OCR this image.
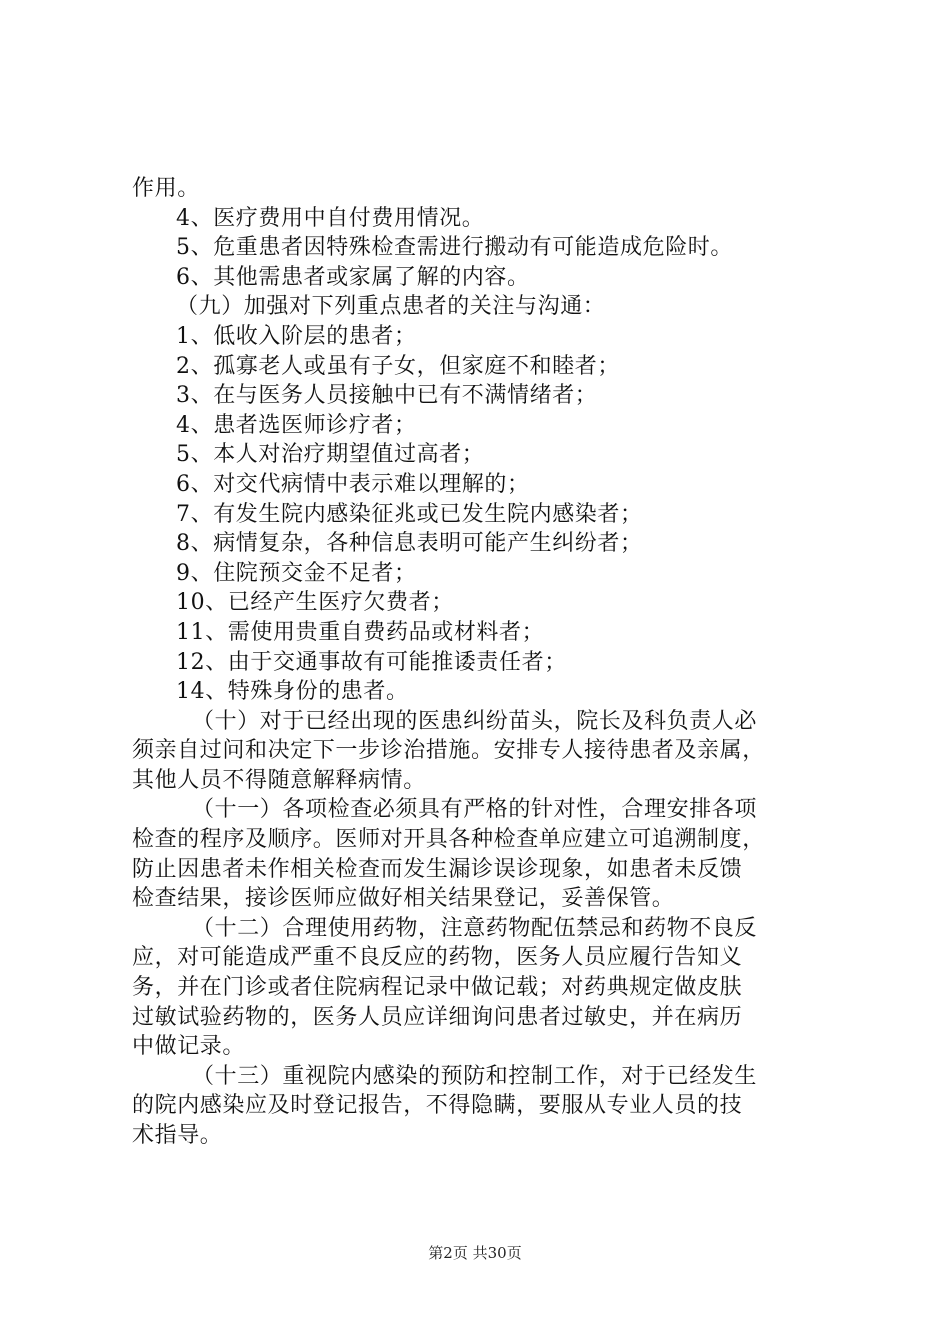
作用。
4、医疗费用中自付费用情况。
5、危重患者因特殊检查需进行搬动有可能造成危险时。
6、其他需患者或家属了解的内容。
（九）加强对下列重点患者的关注与沟通：
1、低收入阶层的患者；
2、孤寡老人或虽有子女，但家庭不和睦者；
3、在与医务人员接触中已有不满情绪者；
4、患者选医师诊疗者；
5、本人对治疗期望值过高者；
6、对交代病情中表示难以理解的；
7、有发生院内感染征兆或已发生院内感染者；
8、病情复杂，各种信息表明可能产生纠纷者；
9、住院预交金不足者；
10、已经产生医疗欠费者；
11、需使用贵重自费药品或材料者；
12、由于交通事故有可能推诿责任者；
14、特殊身份的患者。
（十）对于已经出现的医患纠纷苗头，院长及科负责人必
须亲自过问和决定下一步诊治措施。安排专人接待患者及亲属，
其他人员不得随意解释病情。
（十一）各项检查必须具有严格的针对性，合理安排各项
检查的程序及顺序。医师对开具各种检查单应建立可追溯制度，
防止因患者未作相关检查而发生漏诊误诊现象，如患者未反馈
检查结果，接诊医师应做好相关结果登记，妥善保管。
（十二）合理使用药物，注意药物配伍禁忌和药物不良反
应，对可能造成严重不良反应的药物，医务人员应履行告知义
务，并在门诊或者住院病程记录中做记载；对药典规定做皮肤
过敏试验药物的，医务人员应详细询问患者过敏史，并在病历
中做记录。
（十三）重视院内感染的预防和控制工作，对于已经发生
的院内感染应及时登记报告，不得隐瞒，要服从专业人员的技
术指导。
第2页 共30页
